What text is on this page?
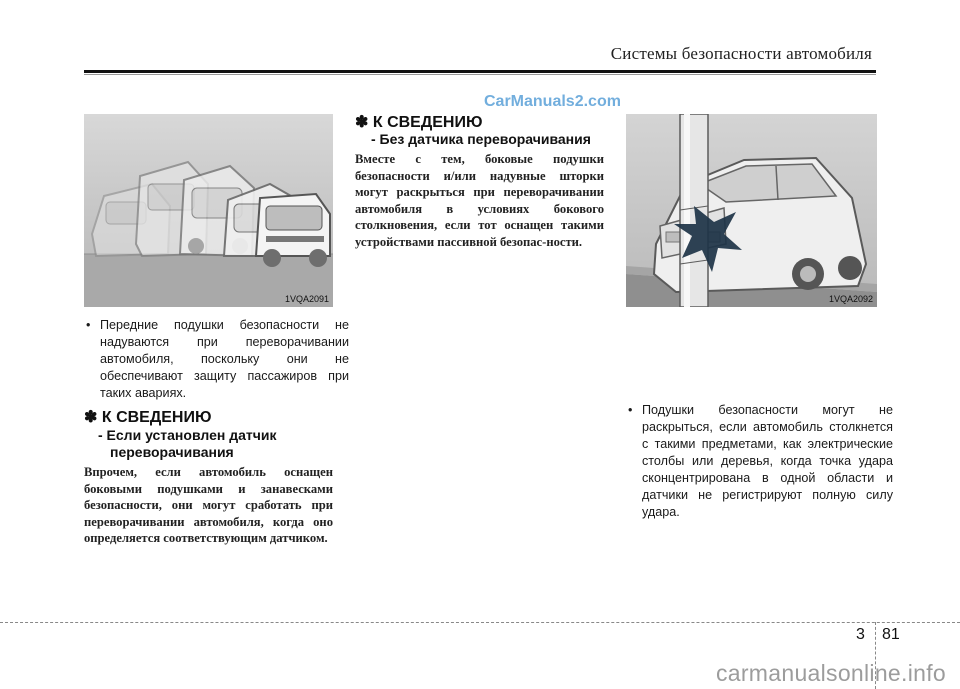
Системы безопасности автомобиля
CarManuals2.com
1VQA2091
• Передние подушки безопасности не надуваются при переворачивании автомобиля, поскольку они не обеспечивают защиту пассажиров при таких авариях.
✽ К СВЕДЕНИЮ
- Если установлен датчик
переворачивания
Впрочем, если автомобиль оснащен боковыми подушками и занавесками безопасности, они могут сработать при переворачивании автомобиля, когда оно определяется соответствующим датчиком.
✽ К СВЕДЕНИЮ
- Без датчика переворачивания
Вместе с тем, боковые подушки безопасности и/или надувные шторки могут раскрыться при переворачивании автомобиля в условиях бокового столкновения, если тот оснащен такими устройствами пассивной безопас-ности.
1VQA2092
• Подушки безопасности могут не раскрыться, если автомобиль столкнется с такими предметами, как электрические столбы или деревья, когда точка удара сконцентрирована в одной области и датчики не регистрируют полную силу удара.
3 81
carmanualsonline.info
